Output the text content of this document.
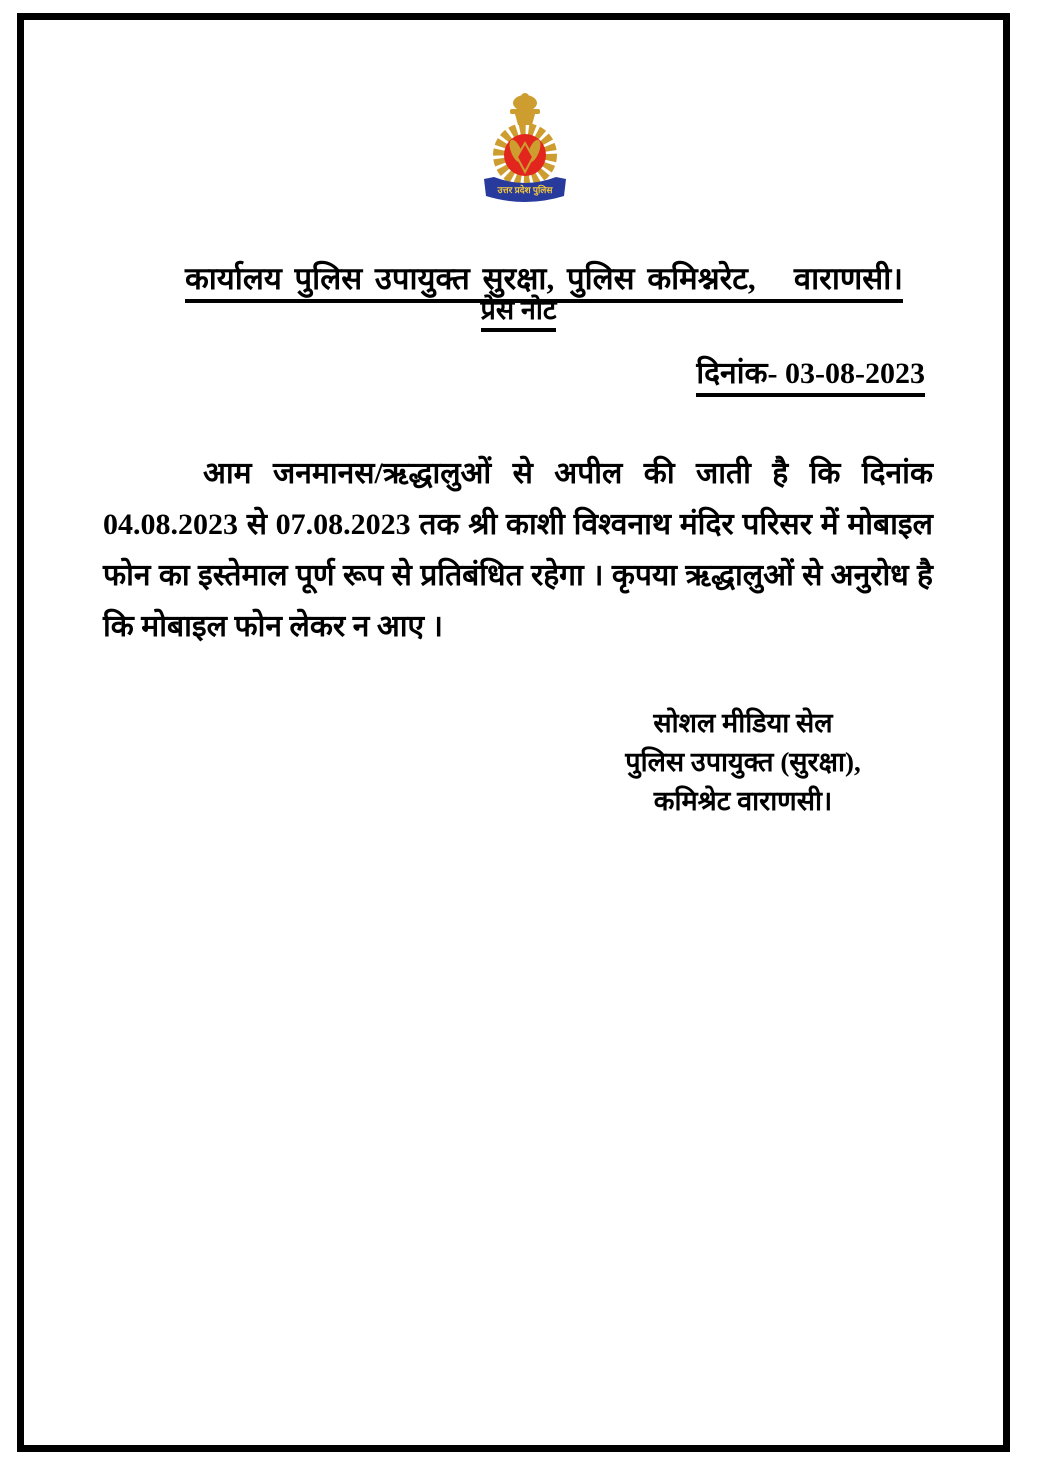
उत्तर प्रदेश पुलिस

कार्यालय पुलिस उपायुक्त सुरक्षा, पुलिस कमिश्नरेट,   वाराणसी।

प्रेस नोट
दिनांक- 03-08-2023
आम जनमानस/ऋद्धालुओं से अपील की जाती है कि दिनांक
04.08.2023 से 07.08.2023 तक श्री काशी विश्वनाथ मंदिर परिसर में मोबाइल
फोन का इस्तेमाल पूर्ण रूप से प्रतिबंधित रहेगा । कृपया ऋद्धालुओं से अनुरोध है
कि मोबाइल फोन लेकर न आए ।
सोशल मीडिया सेल
पुलिस उपायुक्त (सुरक्षा),
कमिश्रेट वाराणसी।
